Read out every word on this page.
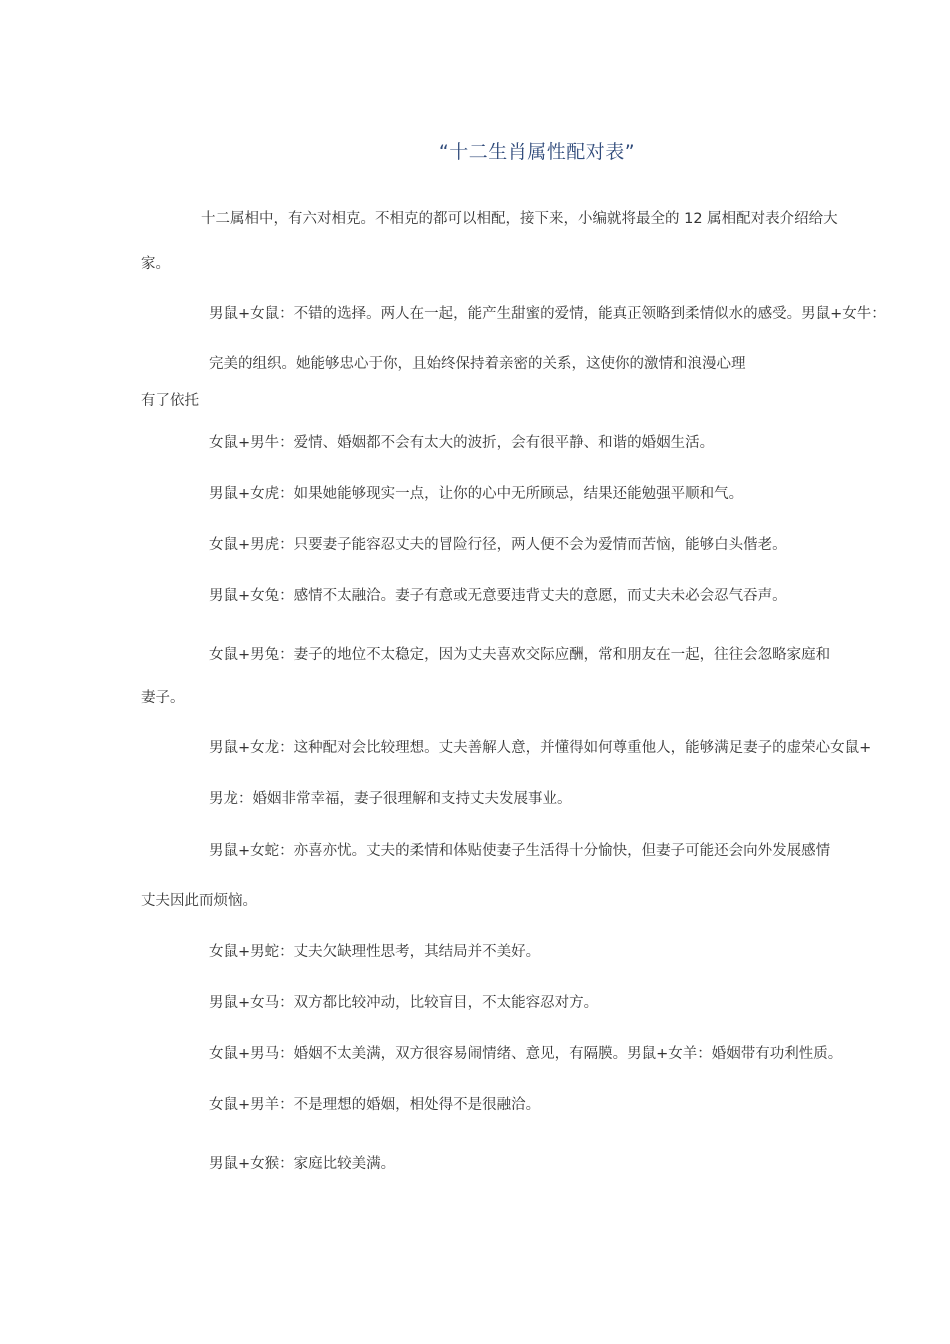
“十二生肖属性配对表”
十二属相中，有六对相克。不相克的都可以相配，接下来，小编就将最全的 12 属相配对表介绍给大
家。
男鼠+女鼠：不错的选择。两人在一起，能产生甜蜜的爱情，能真正领略到柔情似水的感受。男鼠+女牛：
完美的组织。她能够忠心于你，且始终保持着亲密的关系，这使你的激情和浪漫心理
有了依托
女鼠+男牛：爱情、婚姻都不会有太大的波折，会有很平静、和谐的婚姻生活。
男鼠+女虎：如果她能够现实一点，让你的心中无所顾忌，结果还能勉强平顺和气。
女鼠+男虎：只要妻子能容忍丈夫的冒险行径，两人便不会为爱情而苦恼，能够白头偕老。
男鼠+女兔：感情不太融洽。妻子有意或无意要违背丈夫的意愿，而丈夫未必会忍气吞声。
女鼠+男兔：妻子的地位不太稳定，因为丈夫喜欢交际应酬，常和朋友在一起，往往会忽略家庭和
妻子。
男鼠+女龙：这种配对会比较理想。丈夫善解人意，并懂得如何尊重他人，能够满足妻子的虚荣心女鼠+
男龙：婚姻非常幸福，妻子很理解和支持丈夫发展事业。
男鼠+女蛇：亦喜亦忧。丈夫的柔情和体贴使妻子生活得十分愉快，但妻子可能还会向外发展感情
丈夫因此而烦恼。
女鼠+男蛇：丈夫欠缺理性思考，其结局并不美好。
男鼠+女马：双方都比较冲动，比较盲目，不太能容忍对方。
女鼠+男马：婚姻不太美满，双方很容易闹情绪、意见，有隔膜。男鼠+女羊：婚姻带有功利性质。
女鼠+男羊：不是理想的婚姻，相处得不是很融洽。
男鼠+女猴：家庭比较美满。
